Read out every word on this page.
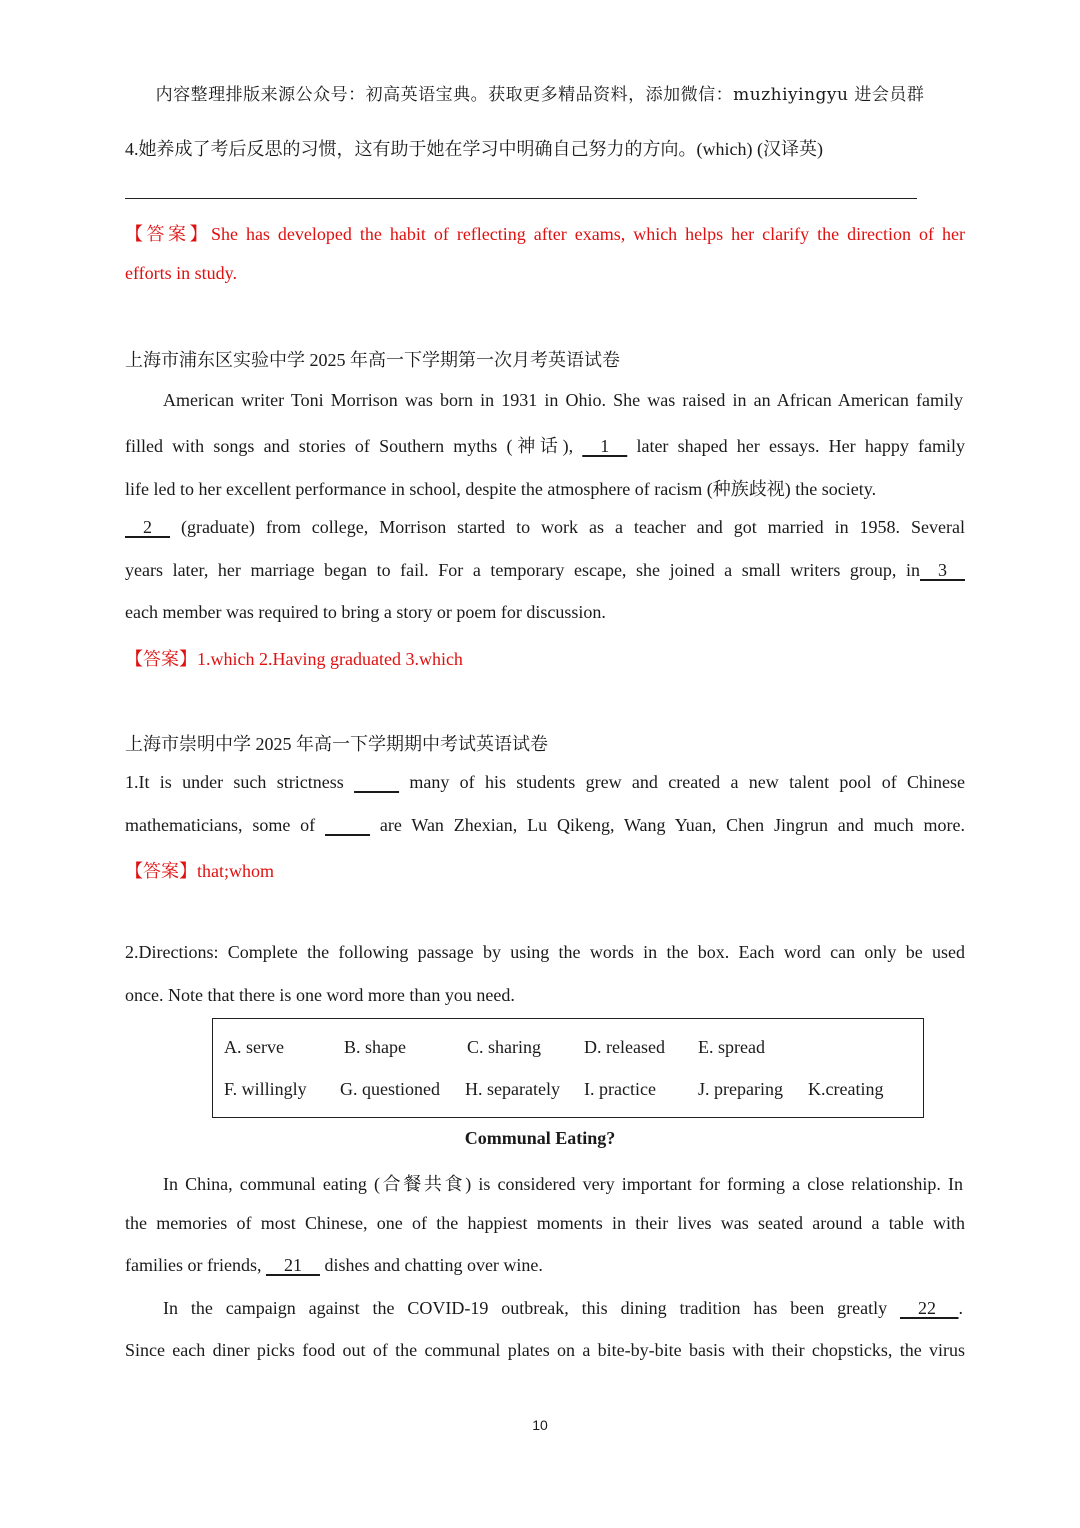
内容整理排版来源公众号：初高英语宝典。获取更多精品资料，添加微信：muzhiyingyu 进会员群
4.她养成了考后反思的习惯，这有助于她在学习中明确自己努力的方向。(which) (汉译英)
【答案】She has developed the habit of reflecting after exams, which helps her clarify the direction of her
efforts in study.
上海市浦东区实验中学 2025 年高一下学期第一次月考英语试卷
American writer Toni Morrison was born in 1931 in Ohio. She was raised in an African American family
filled with songs and stories of Southern myths (神话),     1     later shaped her essays. Her happy family
life led to her excellent performance in school, despite the atmosphere of racism (种族歧视) the society.
2     (graduate) from college, Morrison started to work as a teacher and got married in 1958. Several
years later, her marriage began to fail. For a temporary escape, she joined a small writers group, in    3
each member was required to bring a story or poem for discussion.
【答案】1.which 2.Having graduated 3.which
上海市崇明中学 2025 年高一下学期期中考试英语试卷
1.It is under such strictness	many of his students grew and created a new talent pool of Chinese
mathematicians, some of	are Wan Zhexian, Lu Qikeng, Wang Yuan, Chen Jingrun and much more.
【答案】that;whom
2.Directions: Complete the following passage by using the words in the box. Each word can only be used
once. Note that there is one word more than you need.
A. serve	B. shape	C. sharing D. released E. spread
F. willingly G. questioned H. separately I. practice J. preparing K.creating
Communal Eating?
In China, communal eating (合餐共食) is considered very important for forming a close relationship. In
the memories of most Chinese, one of the happiest moments in their lives was seated around a table with
families or friends,     21     dishes and chatting over wine.
In the campaign against the COVID-19 outbreak, this dining tradition has been greatly     22     .
Since each diner picks food out of the communal plates on a bite-by-bite basis with their chopsticks, the virus
10
